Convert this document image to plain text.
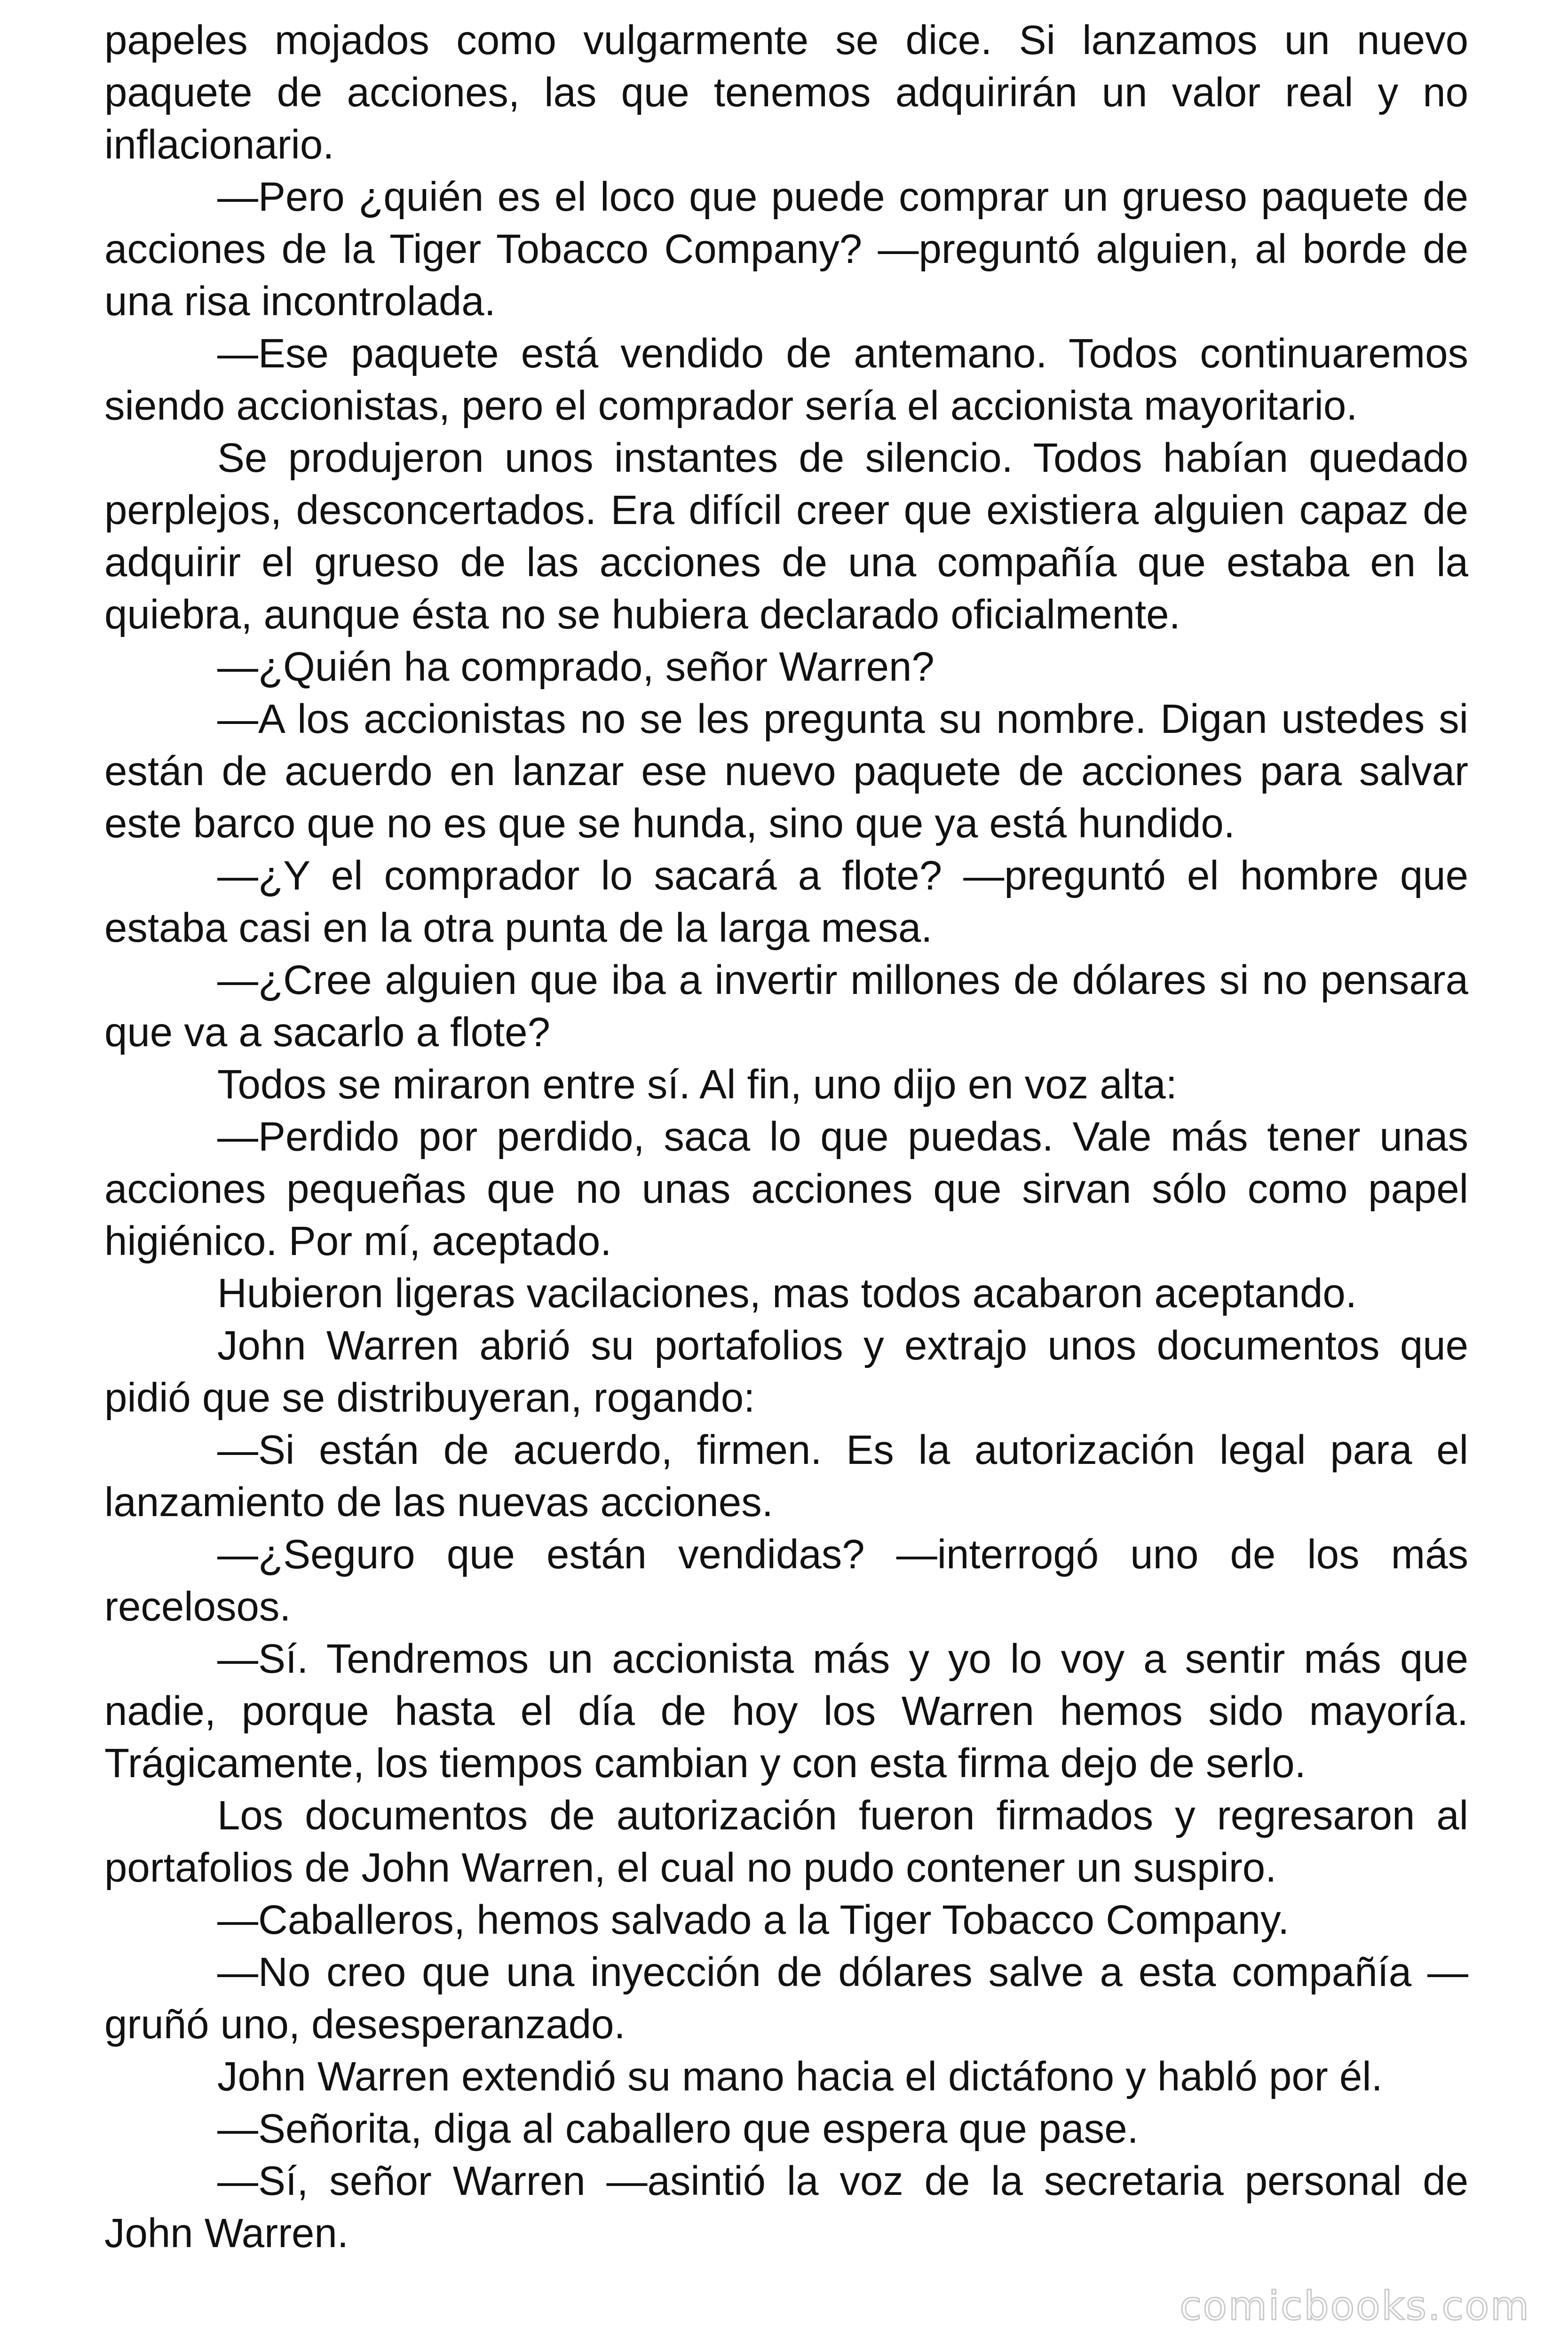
papeles mojados como vulgarmente se dice. Si lanzamos un nuevo paquete de acciones, las que tenemos adquirirán un valor real y no inflacionario.

—Pero ¿quién es el loco que puede comprar un grueso paquete de acciones de la Tiger Tobacco Company? —preguntó alguien, al borde de una risa incontrolada.

—Ese paquete está vendido de antemano. Todos continuaremos siendo accionistas, pero el comprador sería el accionista mayoritario.

Se produjeron unos instantes de silencio. Todos habían quedado perplejos, desconcertados. Era difícil creer que existiera alguien capaz de adquirir el grueso de las acciones de una compañía que estaba en la quiebra, aunque ésta no se hubiera declarado oficialmente.

—¿Quién ha comprado, señor Warren?

—A los accionistas no se les pregunta su nombre. Digan ustedes si están de acuerdo en lanzar ese nuevo paquete de acciones para salvar este barco que no es que se hunda, sino que ya está hundido.

—¿Y el comprador lo sacará a flote? —preguntó el hombre que estaba casi en la otra punta de la larga mesa.

—¿Cree alguien que iba a invertir millones de dólares si no pensara que va a sacarlo a flote?

Todos se miraron entre sí. Al fin, uno dijo en voz alta:

—Perdido por perdido, saca lo que puedas. Vale más tener unas acciones pequeñas que no unas acciones que sirvan sólo como papel higiénico. Por mí, aceptado.

Hubieron ligeras vacilaciones, mas todos acabaron aceptando.

John Warren abrió su portafolios y extrajo unos documentos que pidió que se distribuyeran, rogando:

—Si están de acuerdo, firmen. Es la autorización legal para el lanzamiento de las nuevas acciones.

—¿Seguro que están vendidas? —interrogó uno de los más recelosos.

—Sí. Tendremos un accionista más y yo lo voy a sentir más que nadie, porque hasta el día de hoy los Warren hemos sido mayoría. Trágicamente, los tiempos cambian y con esta firma dejo de serlo.

Los documentos de autorización fueron firmados y regresaron al portafolios de John Warren, el cual no pudo contener un suspiro.

—Caballeros, hemos salvado a la Tiger Tobacco Company.

—No creo que una inyección de dólares salve a esta compañía —gruñó uno, desesperanzado.

John Warren extendió su mano hacia el dictáfono y habló por él.

—Señorita, diga al caballero que espera que pase.

—Sí, señor Warren —asintió la voz de la secretaria personal de John Warren.

comicbooks.com
